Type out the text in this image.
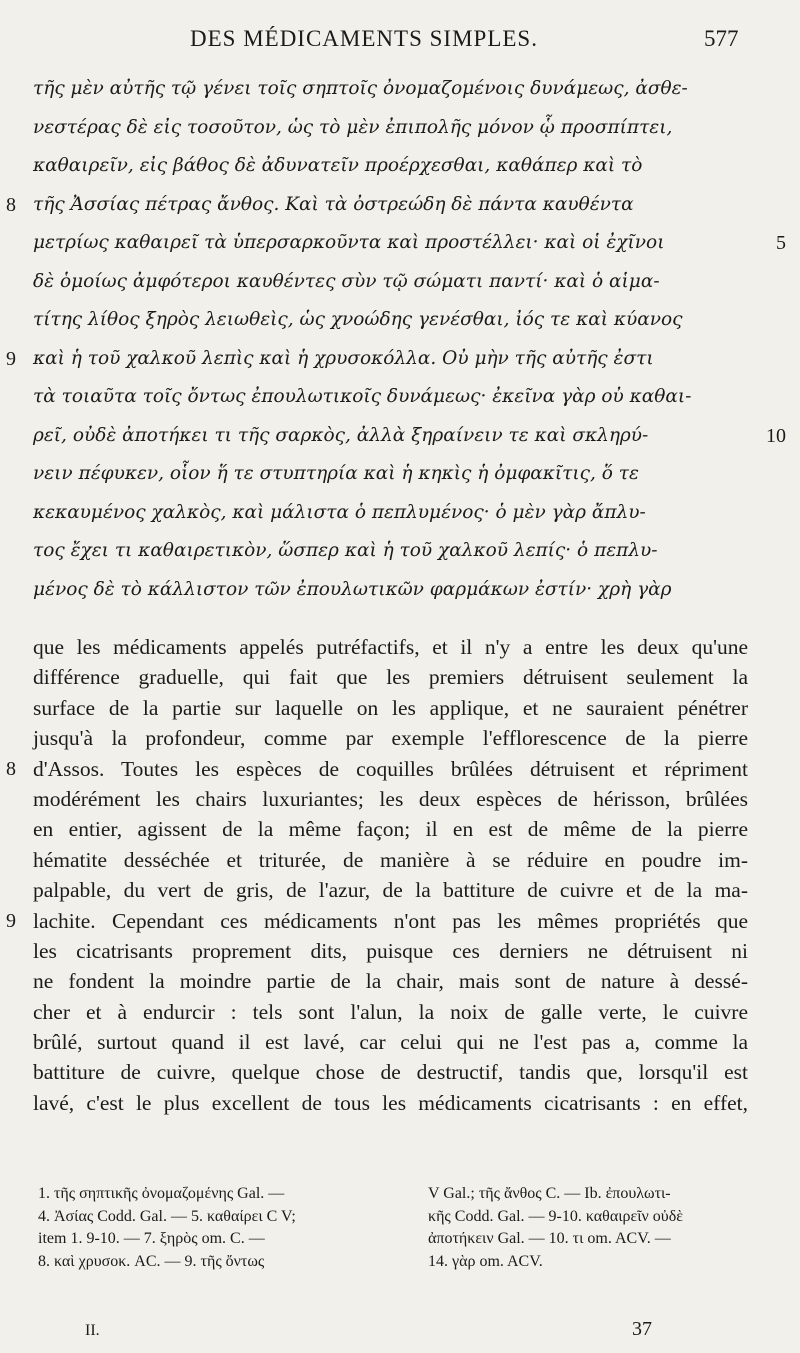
DES MÉDICAMENTS SIMPLES.	577
τῆς μὲν αὐτῆς τῷ γένει τοῖς σηπτοῖς ὀνομαζομένοις δυνάμεως, ἀσθε-
νεστέρας δὲ εἰς τοσοῦτον, ὡς τὸ μὲν ἐπιπολῆς μόνον ᾧ προσπίπτει,
καθαιρεῖν, εἰς βάθος δὲ ἀδυνατεῖν προέρχεσθαι, καθάπερ καὶ τὸ
8 τῆς Ἀσσίας πέτρας ἄνθος. Καὶ τὰ ὀστρεώδη δὲ πάντα καυθέντα
μετρίως καθαιρεῖ τὰ ὑπερσαρκοῦντα καὶ προστέλλει· καὶ οἱ ἐχῖνοι	5
δὲ ὁμοίως ἀμφότεροι καυθέντες σὺν τῷ σώματι παντί· καὶ ὁ αἱμα-
τίτης λίθος ξηρὸς λειωθεὶς, ὡς χνοώδης γενέσθαι, ἰός τε καὶ κύανος
9 καὶ ἡ τοῦ χαλκοῦ λεπὶς καὶ ἡ χρυσοκόλλα. Οὐ μὴν τῆς αὐτῆς ἐστι
τὰ τοιαῦτα τοῖς ὄντως ἐπουλωτικοῖς δυνάμεως· ἐκεῖνα γὰρ οὐ καθαι-
ρεῖ, οὐδὲ ἀποτήκει τι τῆς σαρκὸς, ἀλλὰ ξηραίνειν τε καὶ σκληρύ-	10
νειν πέφυκεν, οἷον ἥ τε στυπτηρία καὶ ἡ κηκὶς ἡ ὀμφακῖτις, ὅ τε
κεκαυμένος χαλκὸς, καὶ μάλιστα ὁ πεπλυμένος· ὁ μὲν γὰρ ἄπλυ-
τος ἔχει τι καθαιρετικὸν, ὥσπερ καὶ ἡ τοῦ χαλκοῦ λεπίς· ὁ πεπλυ-
μένος δὲ τὸ κάλλιστον τῶν ἐπουλωτικῶν φαρμάκων ἐστίν· χρὴ γὰρ
que les médicaments appelés putréfactifs, et il n'y a entre les deux qu'une
différence graduelle, qui fait que les premiers détruisent seulement la
surface de la partie sur laquelle on les applique, et ne sauraient pénétrer
jusqu'à la profondeur, comme par exemple l'efflorescence de la pierre
8 d'Assos. Toutes les espèces de coquilles brûlées détruisent et répriment
modérément les chairs luxuriantes; les deux espèces de hérisson, brûlées
en entier, agissent de la même façon; il en est de même de la pierre
hématite desséchée et triturée, de manière à se réduire en poudre im-
palpable, du vert de gris, de l'azur, de la battiture de cuivre et de la ma-
9 lachite. Cependant ces médicaments n'ont pas les mêmes propriétés que
les cicatrisants proprement dits, puisque ces derniers ne détruisent ni
ne fondent la moindre partie de la chair, mais sont de nature à dessé-
cher et à endurcir : tels sont l'alun, la noix de galle verte, le cuivre
brûlé, surtout quand il est lavé, car celui qui ne l'est pas a, comme la
battiture de cuivre, quelque chose de destructif, tandis que, lorsqu'il est
lavé, c'est le plus excellent de tous les médicaments cicatrisants : en effet,
1. τῆς σηπτικῆς ὀνομαζομένης Gal. —
4. Ἀσίας Codd. Gal. — 5. καθαίρει C V;
item 1. 9-10. — 7. ξηρὸς om. C. —
8. καὶ χρυσοκ. AC. — 9. τῆς ὄντως
V Gal.; τῆς ἄνθος C. — Ib. ἐπουλωτι-
κῆς Codd. Gal. — 9-10. καθαιρεῖν οὐδὲ
ἀποτήκειν Gal. — 10. τι om. ACV. —
14. γὰρ om. ACV.
II.	37
